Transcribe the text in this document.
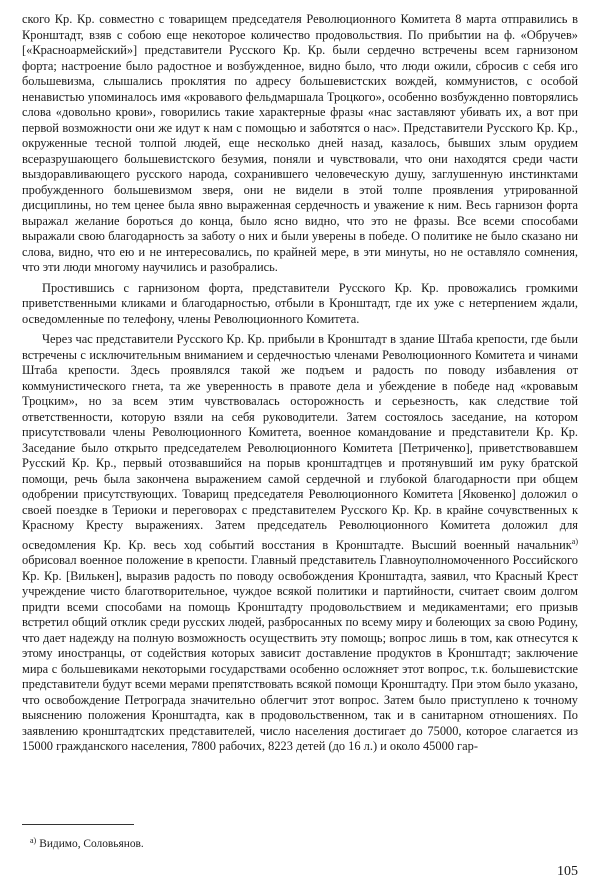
ского Кр. Кр. совместно с товарищем председателя Революционного Комитета 8 марта отправились в Кронштадт, взяв с собою еще некоторое количество продовольствия. По прибытии на ф. «Обручев» [«Красноармейский»] представители Русского Кр. Кр. были сердечно встречены всем гарнизоном форта; настроение было радостное и возбужденное, видно было, что люди ожили, сбросив с себя иго большевизма, слышались проклятия по адресу большевистских вождей, коммунистов, с особой ненавистью упоминалось имя «кровавого фельдмаршала Троцкого», особенно возбужденно повторялись слова «довольно крови», говорились такие характерные фразы «нас заставляют убивать их, а вот при первой возможности они же идут к нам с помощью и заботятся о нас». Представители Русского Кр. Кр., окруженные тесной толпой людей, еще несколько дней назад, казалось, бывших злым орудием всеразрушающего большевистского безумия, поняли и чувствовали, что они находятся среди части выздоравливающего русского народа, сохранившего человеческую душу, заглушенную инстинктами пробужденного большевизмом зверя, они не видели в этой толпе проявления утрированной дисциплины, но тем ценее была явно выраженная сердечность и уважение к ним. Весь гарнизон форта выражал желание бороться до конца, было ясно видно, что это не фразы. Все всеми способами выражали свою благодарность за заботу о них и были уверены в победе. О политике не было сказано ни слова, видно, что ею и не интересовались, по крайней мере, в эти минуты, но не оставляло сомнения, что эти люди многому научились и разобрались.

Простившись с гарнизоном форта, представители Русского Кр. Кр. провожались громкими приветственными кликами и благодарностью, отбыли в Кронштадт, где их уже с нетерпением ждали, осведомленные по телефону, члены Революционного Комитета.

Через час представители Русского Кр. Кр. прибыли в Кронштадт в здание Штаба крепости, где были встречены с исключительным вниманием и сердечностью членами Революционного Комитета и чинами Штаба крепости. Здесь проявлялся такой же подъем и радость по поводу избавления от коммунистического гнета, та же уверенность в правоте дела и убеждение в победе над «кровавым Троцким», но за всем этим чувствовалась осторожность и серьезность, как следствие той ответственности, которую взяли на себя руководители. Затем состоялось заседание, на котором присутствовали члены Революционного Комитета, военное командование и представители Кр. Кр. Заседание было открыто председателем Революционного Комитета [Петриченко], приветствовавшем Русский Кр. Кр., первый отозвавшийся на порыв кронштадтцев и протянувший им руку братской помощи, речь была закончена выражением самой сердечной и глубокой благодарности при общем одобрении присутствующих. Товарищ председателя Революционного Комитета [Яковенко] доложил о своей поездке в Териоки и переговорах с представителем Русского Кр. Кр. в крайне сочувственных к Красному Кресту выражениях. Затем председатель Революционного Комитета доложил для осведомления Кр. Кр. весь ход событий восстания в Кронштадте. Высший военный начальник$^{a)}$ обрисовал военное положение в крепости. Главный представитель Главноуполномоченного Российского Кр. Кр. [Вилькен], выразив радость по поводу освобождения Кронштадта, заявил, что Красный Крест учреждение чисто благотворительное, чуждое всякой политики и партийности, считает своим долгом придти всеми способами на помощь Кронштадту продовольствием и медикаментами; его призыв встретил общий отклик среди русских людей, разбросанных по всему миру и болеющих за свою Родину, что дает надежду на полную возможность осуществить эту помощь; вопрос лишь в том, как отнесутся к этому иностранцы, от содействия которых зависит доставление продуктов в Кронштадт; заключение мира с большевиками некоторыми государствами особенно осложняет этот вопрос, т.к. большевистские представители будут всеми мерами препятствовать всякой помощи Кронштадту. При этом было указано, что освобождение Петрограда значительно облегчит этот вопрос. Затем было приступлено к точному выяснению положения Кронштадта, как в продовольственном, так и в санитарном отношениях. По заявлению кронштадтских представителей, число населения достигает до 75000, которое слагается из 15000 гражданского населения, 7800 рабочих, 8223 детей (до 16 л.) и около 45000 гар-

$^{a)}$ Видимо, Соловьянов.
105
